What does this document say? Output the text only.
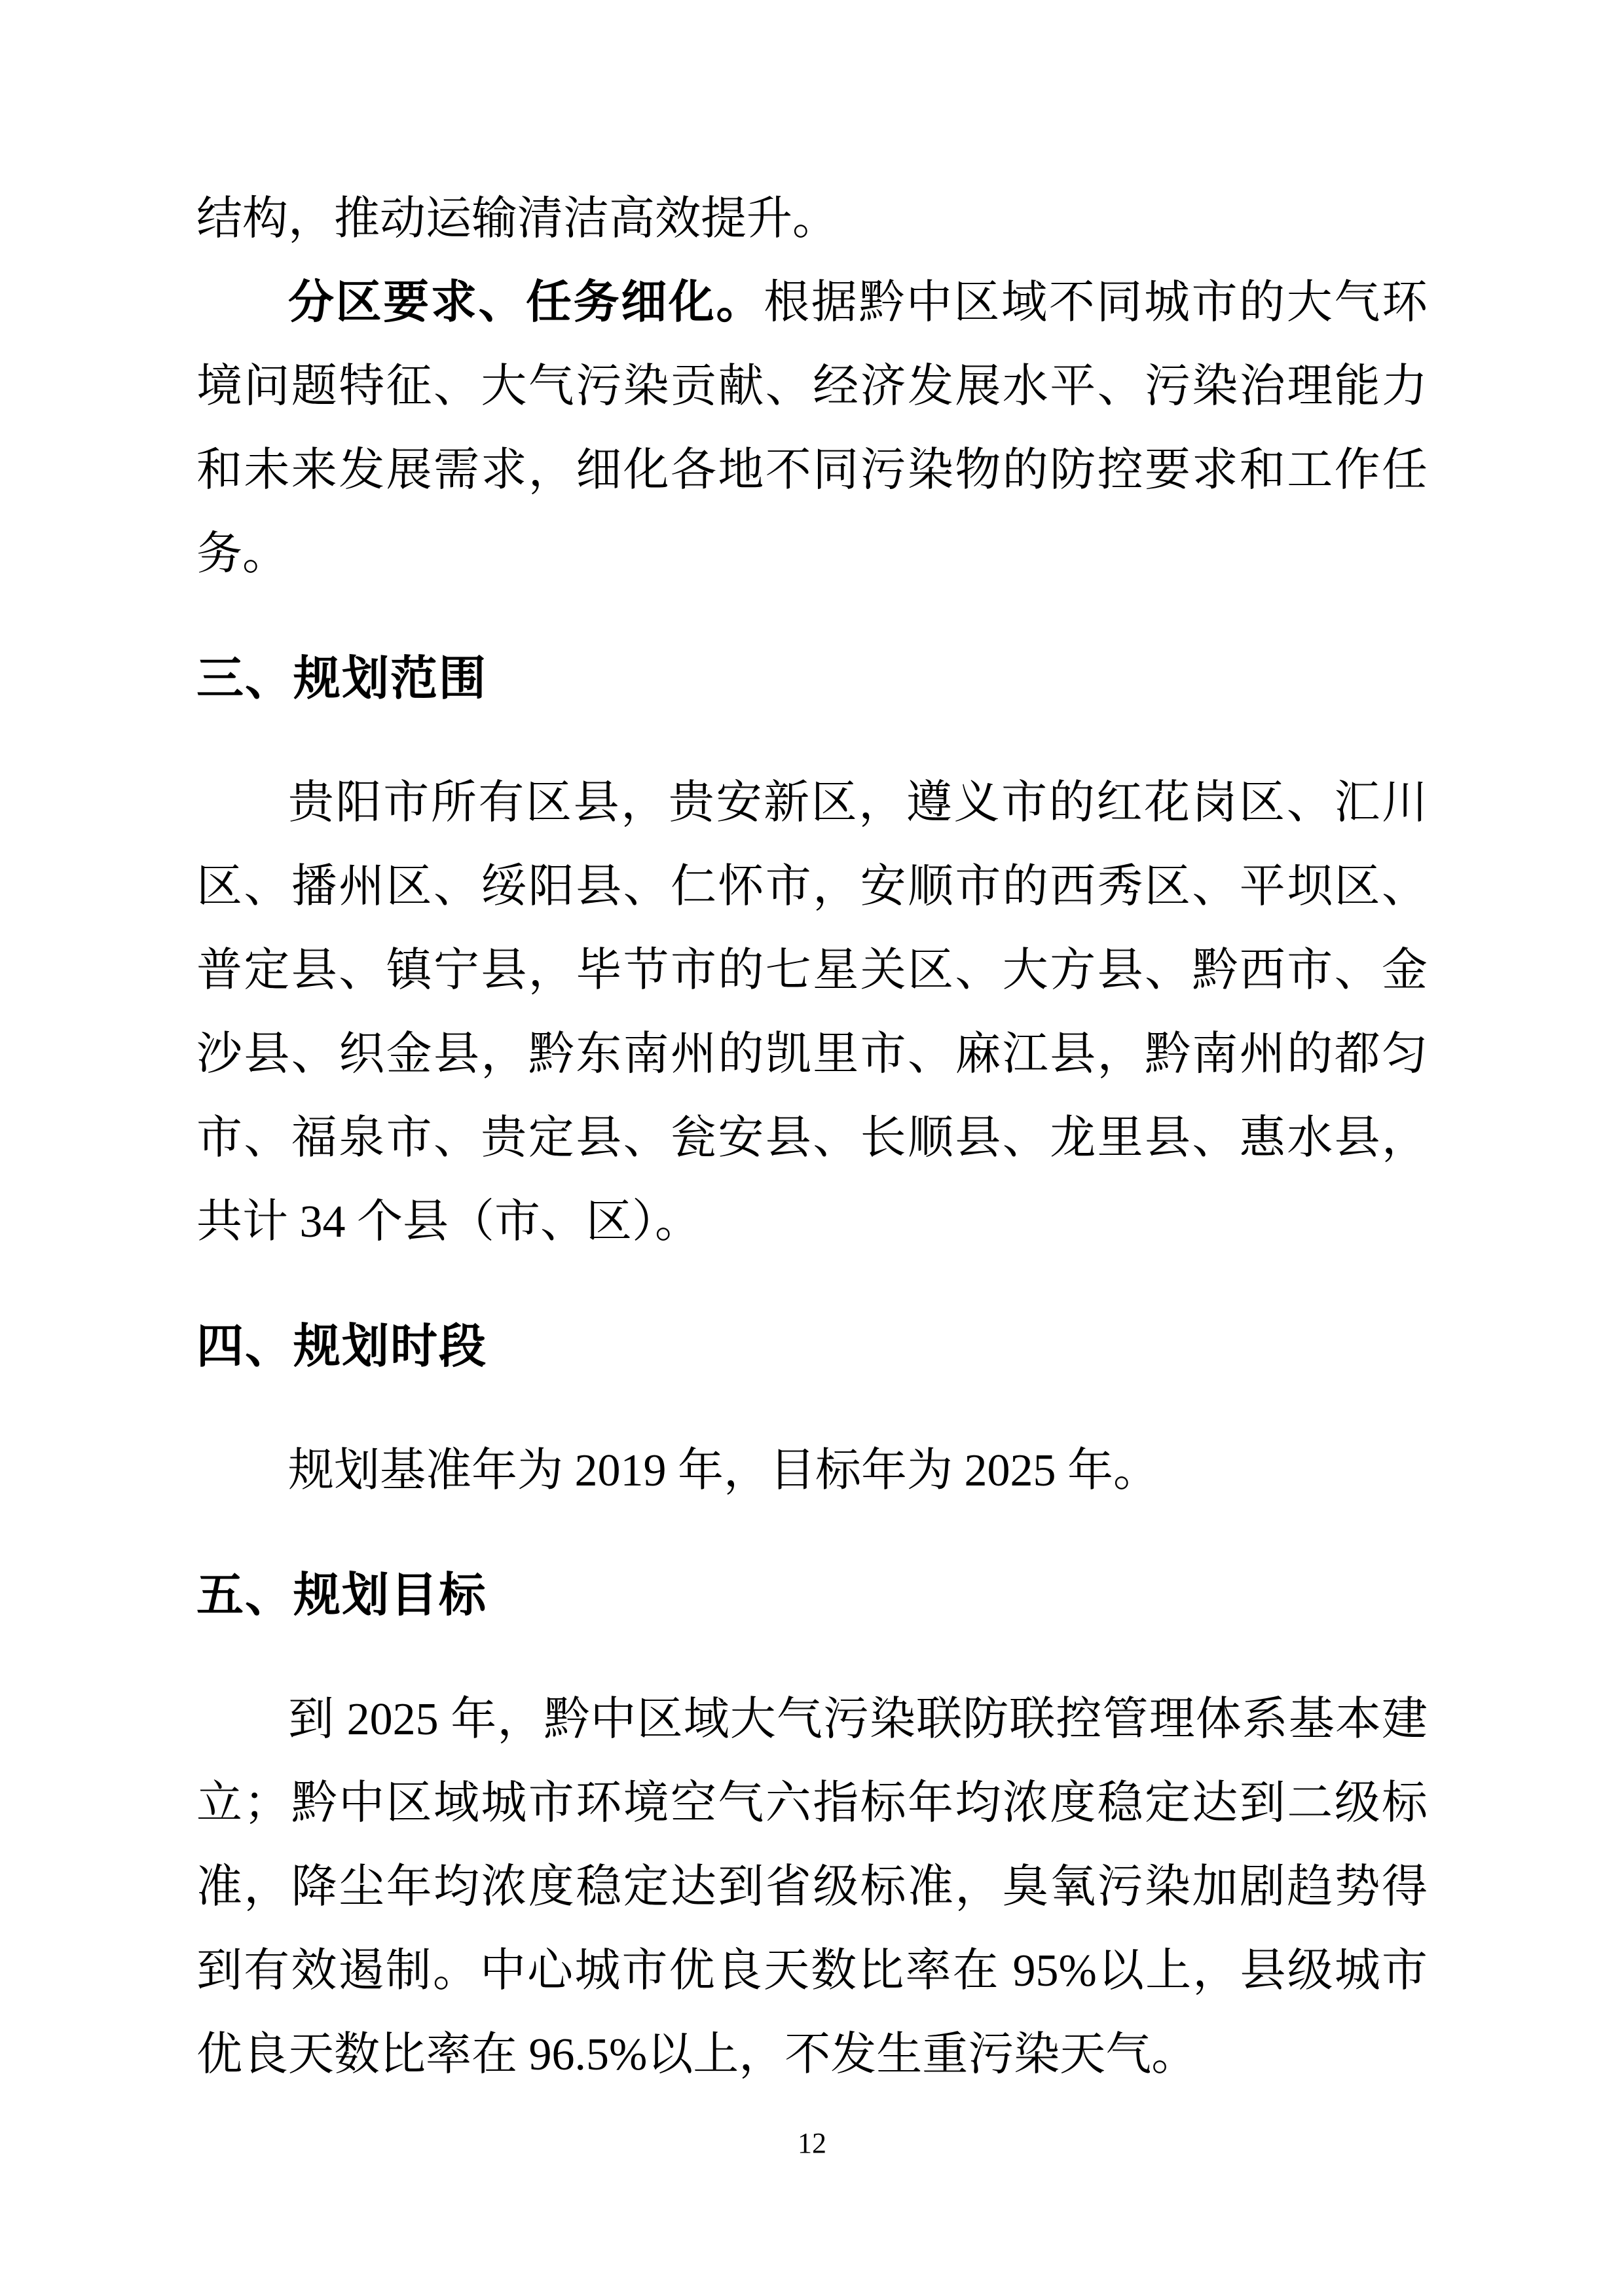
结构，推动运输清洁高效提升。

分区要求、任务细化。根据黔中区域不同城市的大气环境问题特征、大气污染贡献、经济发展水平、污染治理能力和未来发展需求，细化各地不同污染物的防控要求和工作任务。

三、规划范围

贵阳市所有区县，贵安新区，遵义市的红花岗区、汇川区、播州区、绥阳县、仁怀市，安顺市的西秀区、平坝区、普定县、镇宁县，毕节市的七星关区、大方县、黔西市、金沙县、织金县，黔东南州的凯里市、麻江县，黔南州的都匀市、福泉市、贵定县、瓮安县、长顺县、龙里县、惠水县，共计 34 个县（市、区）。

四、规划时段

规划基准年为 2019 年，目标年为 2025 年。

五、规划目标

到 2025 年，黔中区域大气污染联防联控管理体系基本建立；黔中区域城市环境空气六指标年均浓度稳定达到二级标准，降尘年均浓度稳定达到省级标准，臭氧污染加剧趋势得到有效遏制。中心城市优良天数比率在 95%以上，县级城市优良天数比率在 96.5%以上，不发生重污染天气。

12
